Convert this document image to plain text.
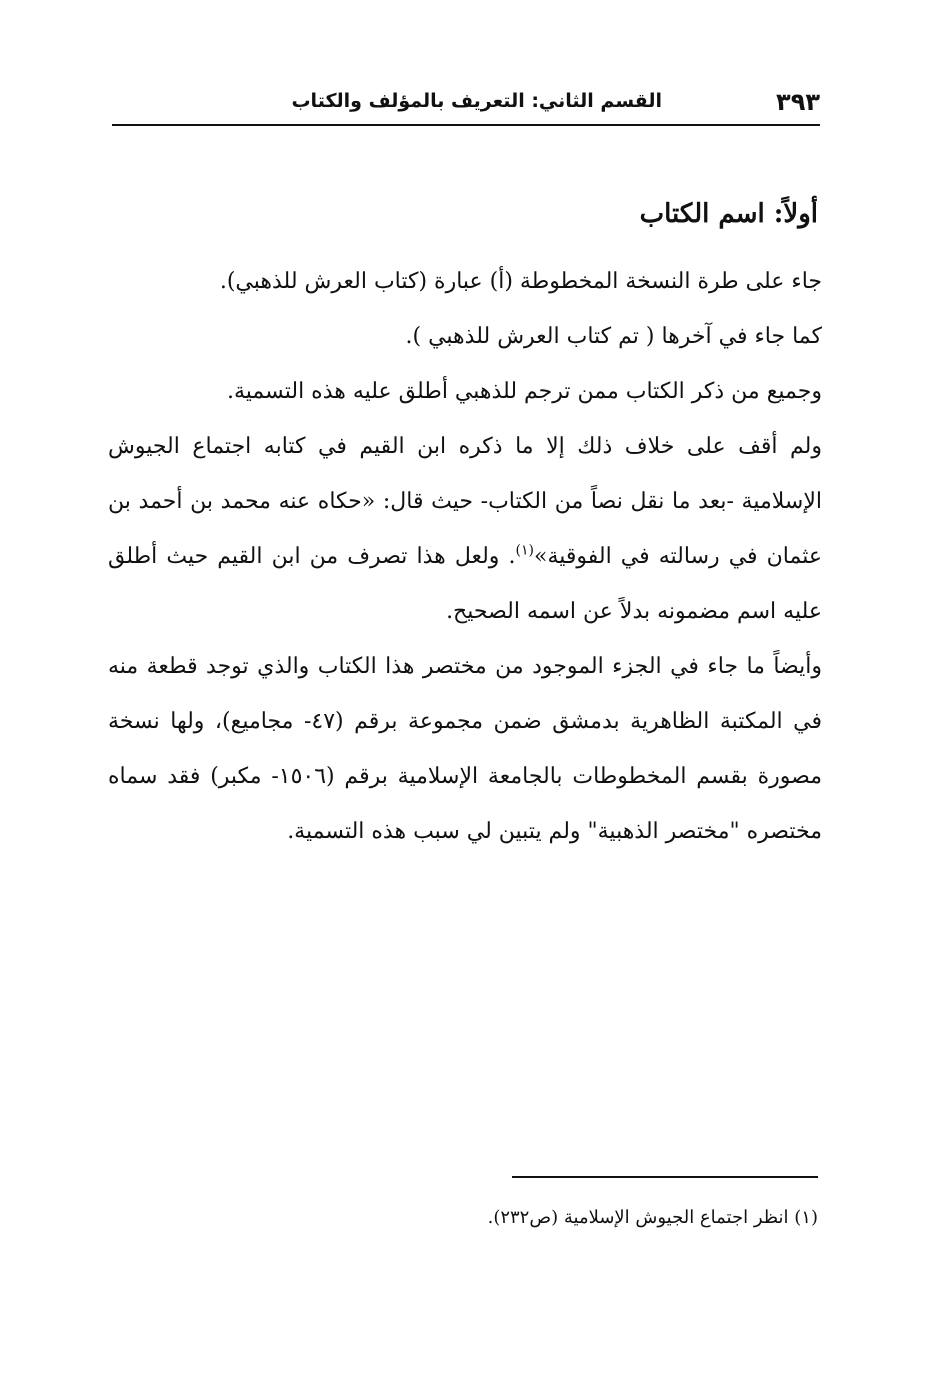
القسم الثاني: التعريف بالمؤلف والكتاب	٣٩٣
أولاً: اسم الكتاب

جاء على طرة النسخة المخطوطة (أ) عبارة (كتاب العرش للذهبي).

كما جاء في آخرها ( تم كتاب العرش للذهبي ).

وجميع من ذكر الكتاب ممن ترجم للذهبي أطلق عليه هذه التسمية.

ولم أقف على خلاف ذلك إلا ما ذكره ابن القيم في كتابه اجتماع الجيوش الإسلامية -بعد ما نقل نصاً من الكتاب- حيث قال: «حكاه عنه محمد بن أحمد بن عثمان في رسالته في الفوقية»$^{(١)}$. ولعل هذا تصرف من ابن القيم حيث أطلق عليه اسم مضمونه بدلاً عن اسمه الصحيح.

وأيضاً ما جاء في الجزء الموجود من مختصر هذا الكتاب والذي توجد قطعة منه في المكتبة الظاهرية بدمشق ضمن مجموعة برقم (٤٧- مجاميع)، ولها نسخة مصورة بقسم المخطوطات بالجامعة الإسلامية برقم (١٥٠٦- مكبر) فقد سماه مختصره "مختصر الذهبية" ولم يتبين لي سبب هذه التسمية.

(١) انظر اجتماع الجيوش الإسلامية (ص٢٣٢).
